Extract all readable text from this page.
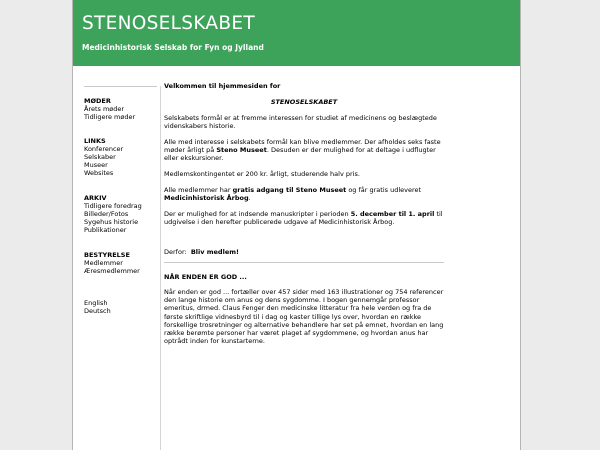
STENOSELSKABET
Medicinhistorisk Selskab for Fyn og Jylland
MØDER
Årets møder
Tidligere møder
LINKS
Konferencer
Selskaber
Museer
Websites
ARKIV
Tidligere foredrag
Billeder/Fotos
Sygehus historie
Publikationer
BESTYRELSE
Medlemmer
Æresmedlemmer
English
Deutsch

Velkommen til hjemmesiden for

STENOSELSKABET

Selskabets formål er at fremme interessen for studiet af medicinens og beslægtede videnskabers historie.

Alle med interesse i selskabets formål kan blive medlemmer. Der afholdes seks faste møder årligt på Steno Museet. Desuden er der mulighed for at deltage i udflugter eller ekskursioner.

Medlemskontingentet er 200 kr. årligt, studerende halv pris.

Alle medlemmer har gratis adgang til Steno Museet og får gratis udleveret Medicinhistorisk Årbog.

Der er mulighed for at indsende manuskripter i perioden 5. december til 1. april til udgivelse i den herefter publicerede udgave af Medicinhistorisk Årbog.

Derfor: Bliv medlem!

NÅR ENDEN ER GOD ...

Når enden er god ... fortæller over 457 sider med 163 illustrationer og 754 referencer den lange historie om anus og dens sygdomme. I bogen gennemgår professor emeritus, drmed. Claus Fenger den medicinske litteratur fra hele verden og fra de første skriftlige vidnesbyrd til i dag og kaster tillige lys over, hvordan en række forskellige trosretninger og alternative behandlere har set på emnet, hvordan en lang række berømte personer har været plaget af sygdommene, og hvordan anus har optrådt inden for kunstarterne.
